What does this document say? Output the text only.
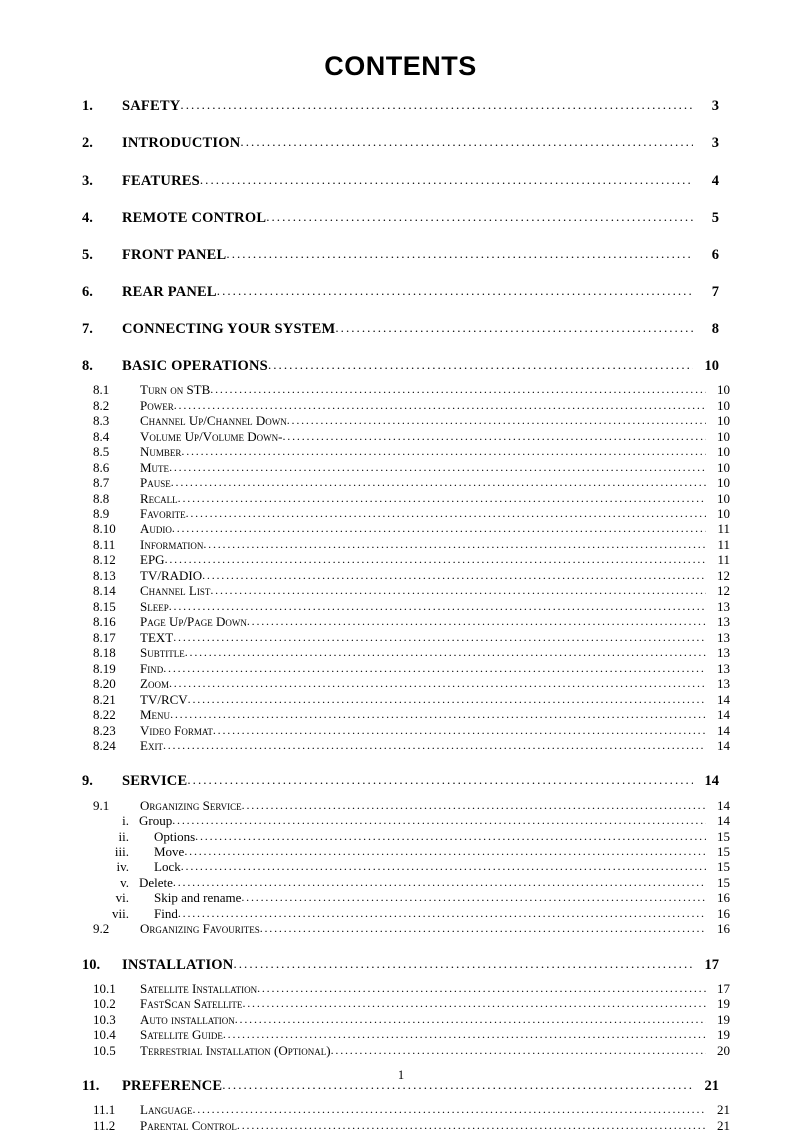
CONTENTS
1.	SAFETY . . .	3
2.	INTRODUCTION . . .	3
3.	FEATURES . . .	4
4.	REMOTE CONTROL . . .	5
5.	FRONT PANEL . . .	6
6.	REAR PANEL . . .	7
7.	CONNECTING YOUR SYSTEM . . .	8
8.	BASIC OPERATIONS . . .	10
8.1	Turn on STB . . .	10
8.2	Power . . .	10
8.3	Channel Up/Channel Down . . .	10
8.4	Volume Up/Volume Down- . . .	10
8.5	Number . . .	10
8.6	Mute . . .	10
8.7	Pause . . .	10
8.8	Recall . . .	10
8.9	Favorite . . .	10
8.10	Audio . . .	11
8.11	Information . . .	11
8.12	EPG . . .	11
8.13	TV/RADIO . . .	12
8.14	Channel List . . .	12
8.15	Sleep . . .	13
8.16	Page Up/Page Down . . .	13
8.17	TEXT . . .	13
8.18	Subtitle . . .	13
8.19	Find . . .	13
8.20	Zoom . . .	13
8.21	TV/RCV . . .	14
8.22	Menu . . .	14
8.23	Video Format . . .	14
8.24	Exit . . .	14
9.	SERVICE . . .	14
9.1	Organizing Service . . .	14
i. Group . . .	14
ii.	Options . . .	15
iii.	Move . . .	15
iv.	Lock . . .	15
v. Delete . . .	15
vi.	Skip and rename . . .	16
vii.	Find . . .	16
9.2	Organizing Favourites . . .	16
10.	INSTALLATION . . .	17
10.1	Satellite Installation . . .	17
10.2	FastScan Satellite . . .	19
10.3	Auto installation . . .	19
10.4	Satellite Guide . . .	19
10.5	Terrestrial Installation (Optional) . . .	20
11.	PREFERENCE . . .	21
11.1	Language . . .	21
11.2	Parental Control . . .	21
1
